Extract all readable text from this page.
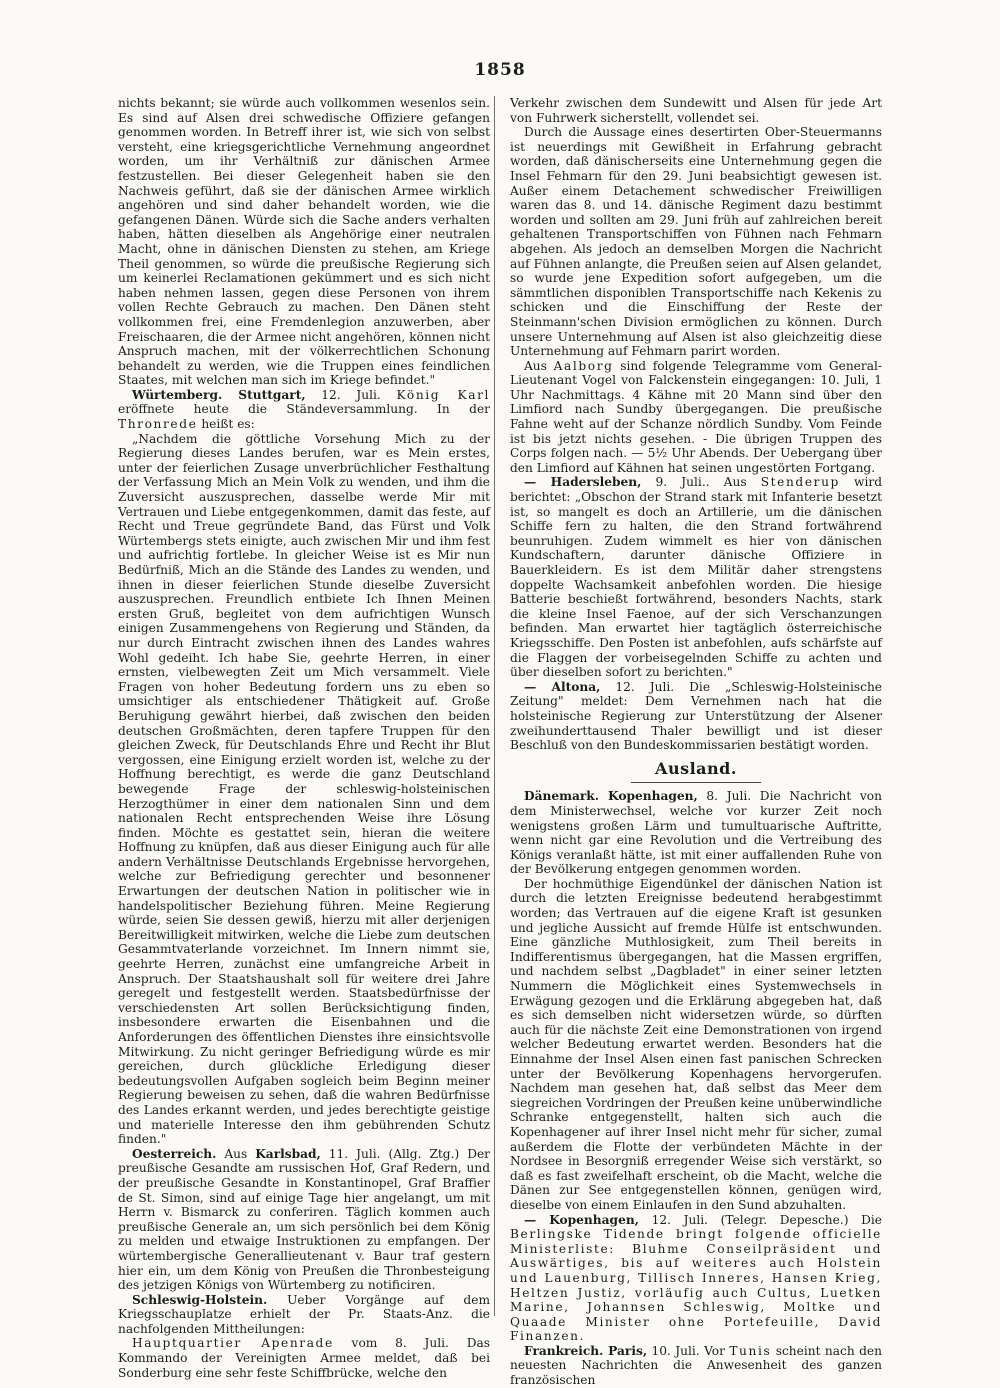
1858

nichts bekannt; sie würde auch vollkommen wesenlos sein. Es sind auf Alsen drei schwedische Offiziere gefangen genommen worden. In Betreff ihrer ist, wie sich von selbst versteht, eine kriegsgerichtliche Vernehmung angeordnet worden, um ihr Verhältniß zur dänischen Armee festzustellen. Bei dieser Gelegenheit haben sie den Nachweis geführt, daß sie der dänischen Armee wirklich angehören und sind daher behandelt worden, wie die gefangenen Dänen. Würde sich die Sache anders verhalten haben, hätten dieselben als Angehörige einer neutralen Macht, ohne in dänischen Diensten zu stehen, am Kriege Theil genommen, so würde die preußische Regierung sich um keinerlei Reclamationen gekümmert und es sich nicht haben nehmen lassen, gegen diese Personen von ihrem vollen Rechte Gebrauch zu machen. Den Dänen steht vollkommen frei, eine Fremdenlegion anzuwerben, aber Freischaaren, die der Armee nicht angehören, können nicht Anspruch machen, mit der völkerrechtlichen Schonung behandelt zu werden, wie die Truppen eines feindlichen Staates, mit welchen man sich im Kriege befindet."

Würtemberg. Stuttgart, 12. Juli. König Karl eröffnete heute die Ständeversammlung. In der Thronrede heißt es:

„Nachdem die göttliche Vorsehung Mich zu der Regierung dieses Landes berufen, war es Mein erstes, unter der feierlichen Zusage unverbrüchlicher Festhaltung der Verfassung Mich an Mein Volk zu wenden, und ihm die Zuversicht auszusprechen, dasselbe werde Mir mit Vertrauen und Liebe entgegenkommen, damit das feste, auf Recht und Treue gegründete Band, das Fürst und Volk Würtembergs stets einigte, auch zwischen Mir und ihm fest und aufrichtig fortlebe. In gleicher Weise ist es Mir nun Bedürfniß, Mich an die Stände des Landes zu wenden, und ihnen in dieser feierlichen Stunde dieselbe Zuversicht auszusprechen. Freundlich entbiete Ich Ihnen Meinen ersten Gruß, begleitet von dem aufrichtigen Wunsch einigen Zusammengehens von Regierung und Ständen, da nur durch Eintracht zwischen ihnen des Landes wahres Wohl gedeiht. Ich habe Sie, geehrte Herren, in einer ernsten, vielbewegten Zeit um Mich versammelt. Viele Fragen von hoher Bedeutung fordern uns zu eben so umsichtiger als entschiedener Thätigkeit auf. Große Beruhigung gewährt hierbei, daß zwischen den beiden deutschen Großmächten, deren tapfere Truppen für den gleichen Zweck, für Deutschlands Ehre und Recht ihr Blut vergossen, eine Einigung erzielt worden ist, welche zu der Hoffnung berechtigt, es werde die ganz Deutschland bewegende Frage der schleswig-holsteinischen Herzogthümer in einer dem nationalen Sinn und dem nationalen Recht entsprechenden Weise ihre Lösung finden. Möchte es gestattet sein, hieran die weitere Hoffnung zu knüpfen, daß aus dieser Einigung auch für alle andern Verhältnisse Deutschlands Ergebnisse hervorgehen, welche zur Befriedigung gerechter und besonnener Erwartungen der deutschen Nation in politischer wie in handelspolitischer Beziehung führen. Meine Regierung würde, seien Sie dessen gewiß, hierzu mit aller derjenigen Bereitwilligkeit mitwirken, welche die Liebe zum deutschen Gesammtvaterlande vorzeichnet. Im Innern nimmt sie, geehrte Herren, zunächst eine umfangreiche Arbeit in Anspruch. Der Staatshaushalt soll für weitere drei Jahre geregelt und festgestellt werden. Staatsbedürfnisse der verschiedensten Art sollen Berücksichtigung finden, insbesondere erwarten die Eisenbahnen und die Anforderungen des öffentlichen Dienstes ihre einsichtsvolle Mitwirkung. Zu nicht geringer Befriedigung würde es mir gereichen, durch glückliche Erledigung dieser bedeutungsvollen Aufgaben sogleich beim Beginn meiner Regierung beweisen zu sehen, daß die wahren Bedürfnisse des Landes erkannt werden, und jedes berechtigte geistige und materielle Interesse den ihm gebührenden Schutz finden."

Oesterreich. Aus Karlsbad, 11. Juli. (Allg. Ztg.) Der preußische Gesandte am russischen Hof, Graf Redern, und der preußische Gesandte in Konstantinopel, Graf Braffier de St. Simon, sind auf einige Tage hier angelangt, um mit Herrn v. Bismarck zu conferiren. Täglich kommen auch preußische Generale an, um sich persönlich bei dem König zu melden und etwaige Instruktionen zu empfangen. Der würtembergische Generallieutenant v. Baur traf gestern hier ein, um dem König von Preußen die Thronbesteigung des jetzigen Königs von Würtemberg zu notificiren.

Schleswig-Holstein. Ueber Vorgänge auf dem Kriegsschauplatze erhielt der Pr. Staats-Anz. die nachfolgenden Mittheilungen:

Hauptquartier Apenrade vom 8. Juli. Das Kommando der Vereinigten Armee meldet, daß bei Sonderburg eine sehr feste Schiffbrücke, welche den

Verkehr zwischen dem Sundewitt und Alsen für jede Art von Fuhrwerk sicherstellt, vollendet sei.

Durch die Aussage eines desertirten Ober-Steuermanns ist neuerdings mit Gewißheit in Erfahrung gebracht worden, daß dänischerseits eine Unternehmung gegen die Insel Fehmarn für den 29. Juni beabsichtigt gewesen ist. Außer einem Detachement schwedischer Freiwilligen waren das 8. und 14. dänische Regiment dazu bestimmt worden und sollten am 29. Juni früh auf zahlreichen bereit gehaltenen Transportschiffen von Fühnen nach Fehmarn abgehen. Als jedoch an demselben Morgen die Nachricht auf Fühnen anlangte, die Preußen seien auf Alsen gelandet, so wurde jene Expedition sofort aufgegeben, um die sämmtlichen disponiblen Transportschiffe nach Kekenis zu schicken und die Einschiffung der Reste der Steinmann'schen Division ermöglichen zu können. Durch unsere Unternehmung auf Alsen ist also gleichzeitig diese Unternehmung auf Fehmarn parirt worden.

Aus Aalborg sind folgende Telegramme vom General-Lieutenant Vogel von Falckenstein eingegangen: 10. Juli, 1 Uhr Nachmittags. 4 Kähne mit 20 Mann sind über den Limfiord nach Sundby übergegangen. Die preußische Fahne weht auf der Schanze nördlich Sundby. Vom Feinde ist bis jetzt nichts gesehen. - Die übrigen Truppen des Corps folgen nach. — 5½ Uhr Abends. Der Uebergang über den Limfiord auf Kähnen hat seinen ungestörten Fortgang.

— Hadersleben, 9. Juli.. Aus Stenderup wird berichtet: „Obschon der Strand stark mit Infanterie besetzt ist, so mangelt es doch an Artillerie, um die dänischen Schiffe fern zu halten, die den Strand fortwährend beunruhigen. Zudem wimmelt es hier von dänischen Kundschaftern, darunter dänische Offiziere in Bauerkleidern. Es ist dem Militär daher strengstens doppelte Wachsamkeit anbefohlen worden. Die hiesige Batterie beschießt fortwährend, besonders Nachts, stark die kleine Insel Faenoe, auf der sich Verschanzungen befinden. Man erwartet hier tagtäglich österreichische Kriegsschiffe. Den Posten ist anbefohlen, aufs schärfste auf die Flaggen der vorbeisegelnden Schiffe zu achten und über dieselben sofort zu berichten."

— Altona, 12. Juli. Die „Schleswig-Holsteinische Zeitung" meldet: Dem Vernehmen nach hat die holsteinische Regierung zur Unterstützung der Alsener zweihunderttausend Thaler bewilligt und ist dieser Beschluß von den Bundeskommissarien bestätigt worden.

Ausland.

Dänemark. Kopenhagen, 8. Juli. Die Nachricht von dem Ministerwechsel, welche vor kurzer Zeit noch wenigstens großen Lärm und tumultuarische Auftritte, wenn nicht gar eine Revolution und die Vertreibung des Königs veranlaßt hätte, ist mit einer auffallenden Ruhe von der Bevölkerung entgegen genommen worden.

Der hochmüthige Eigendünkel der dänischen Nation ist durch die letzten Ereignisse bedeutend herabgestimmt worden; das Vertrauen auf die eigene Kraft ist gesunken und jegliche Aussicht auf fremde Hülfe ist entschwunden. Eine gänzliche Muthlosigkeit, zum Theil bereits in Indifferentismus übergegangen, hat die Massen ergriffen, und nachdem selbst „Dagbladet" in einer seiner letzten Nummern die Möglichkeit eines Systemwechsels in Erwägung gezogen und die Erklärung abgegeben hat, daß es sich demselben nicht widersetzen würde, so dürften auch für die nächste Zeit eine Demonstrationen von irgend welcher Bedeutung erwartet werden. Besonders hat die Einnahme der Insel Alsen einen fast panischen Schrecken unter der Bevölkerung Kopenhagens hervorgerufen. Nachdem man gesehen hat, daß selbst das Meer dem siegreichen Vordringen der Preußen keine unüberwindliche Schranke entgegenstellt, halten sich auch die Kopenhagener auf ihrer Insel nicht mehr für sicher, zumal außerdem die Flotte der verbündeten Mächte in der Nordsee in Besorgniß erregender Weise sich verstärkt, so daß es fast zweifelhaft erscheint, ob die Macht, welche die Dänen zur See entgegenstellen können, genügen wird, dieselbe von einem Einlaufen in den Sund abzuhalten.

— Kopenhagen, 12. Juli. (Telegr. Depesche.) Die Berlingske Tidende bringt folgende officielle Ministerliste: Bluhme Conseilpräsident und Auswärtiges, bis auf weiteres auch Holstein und Lauenburg, Tillisch Inneres, Hansen Krieg, Heltzen Justiz, vorläufig auch Cultus, Luetken Marine, Johannsen Schleswig, Moltke und Quaade Minister ohne Portefeuille, David Finanzen.

Frankreich. Paris, 10. Juli. Vor Tunis scheint nach den neuesten Nachrichten die Anwesenheit des ganzen französischen
